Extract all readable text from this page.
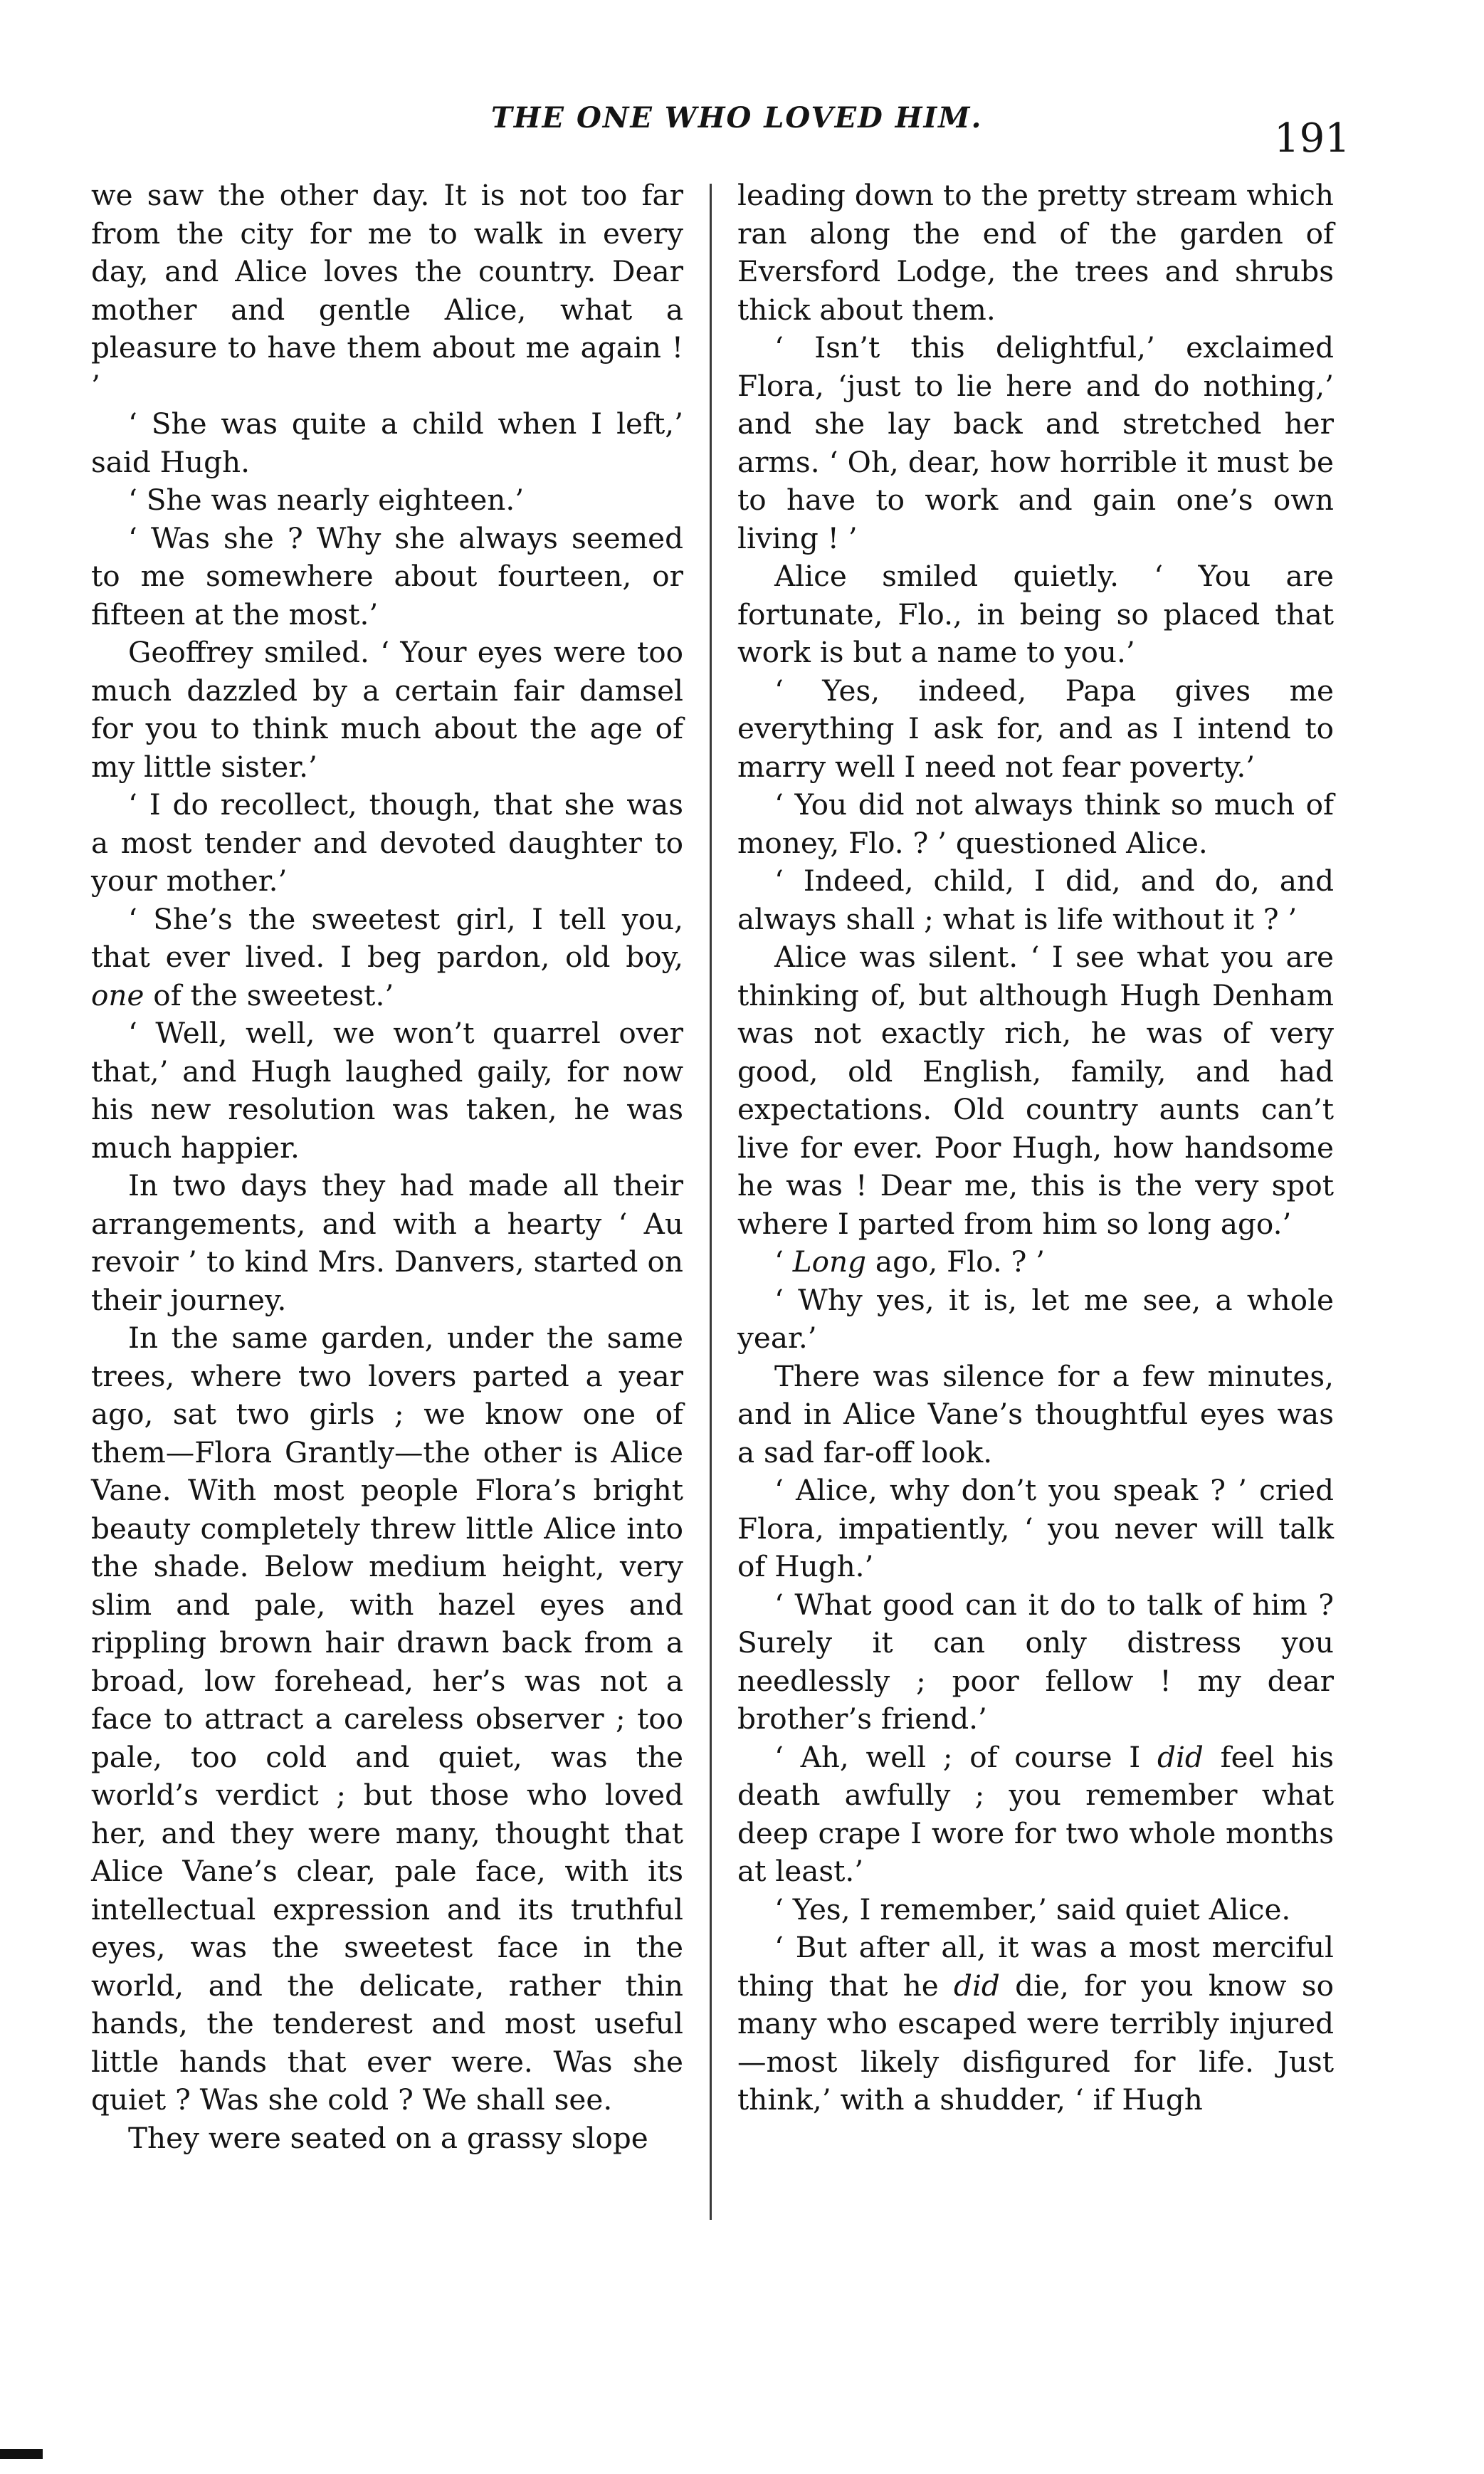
THE ONE WHO LOVED HIM.	191

we saw the other day. It is not too far from the city for me to walk in every day, and Alice loves the country. Dear mother and gentle Alice, what a pleasure to have them about me again ! ’

‘ She was quite a child when I left,’ said Hugh.

‘ She was nearly eighteen.’

‘ Was she ? Why she always seemed to me somewhere about fourteen, or fifteen at the most.’

Geoffrey smiled. ‘ Your eyes were too much dazzled by a certain fair damsel for you to think much about the age of my little sister.’

‘ I do recollect, though, that she was a most tender and devoted daughter to your mother.’

‘ She’s the sweetest girl, I tell you, that ever lived. I beg pardon, old boy, one of the sweetest.’

‘ Well, well, we won’t quarrel over that,’ and Hugh laughed gaily, for now his new resolution was taken, he was much happier.

In two days they had made all their arrangements, and with a hearty ‘ Au revoir ’ to kind Mrs. Danvers, started on their journey.

In the same garden, under the same trees, where two lovers parted a year ago, sat two girls ; we know one of them—Flora Grantly—the other is Alice Vane. With most people Flora’s bright beauty completely threw little Alice into the shade. Below medium height, very slim and pale, with hazel eyes and rippling brown hair drawn back from a broad, low forehead, her’s was not a face to attract a careless observer ; too pale, too cold and quiet, was the world’s verdict ; but those who loved her, and they were many, thought that Alice Vane’s clear, pale face, with its intellectual expression and its truthful eyes, was the sweetest face in the world, and the delicate, rather thin hands, the tenderest and most useful little hands that ever were. Was she quiet ? Was she cold ? We shall see.

They were seated on a grassy slope

leading down to the pretty stream which ran along the end of the garden of Eversford Lodge, the trees and shrubs thick about them.

‘ Isn’t this delightful,’ exclaimed Flora, ‘just to lie here and do nothing,’ and she lay back and stretched her arms. ‘ Oh, dear, how horrible it must be to have to work and gain one’s own living ! ’

Alice smiled quietly. ‘ You are fortunate, Flo., in being so placed that work is but a name to you.’

‘ Yes, indeed, Papa gives me everything I ask for, and as I intend to marry well I need not fear poverty.’

‘ You did not always think so much of money, Flo. ? ’ questioned Alice.

‘ Indeed, child, I did, and do, and always shall ; what is life without it ? ’

Alice was silent. ‘ I see what you are thinking of, but although Hugh Denham was not exactly rich, he was of very good, old English, family, and had expectations. Old country aunts can’t live for ever. Poor Hugh, how handsome he was ! Dear me, this is the very spot where I parted from him so long ago.’

‘ Long ago, Flo. ? ’

‘ Why yes, it is, let me see, a whole year.’

There was silence for a few minutes, and in Alice Vane’s thoughtful eyes was a sad far-off look.

‘ Alice, why don’t you speak ? ’ cried Flora, impatiently, ‘ you never will talk of Hugh.’

‘ What good can it do to talk of him ? Surely it can only distress you needlessly ; poor fellow ! my dear brother’s friend.’

‘ Ah, well ; of course I did feel his death awfully ; you remember what deep crape I wore for two whole months at least.’

‘ Yes, I remember,’ said quiet Alice.

‘ But after all, it was a most merciful thing that he did die, for you know so many who escaped were terribly injured—most likely disfigured for life. Just think,’ with a shudder, ‘ if Hugh
